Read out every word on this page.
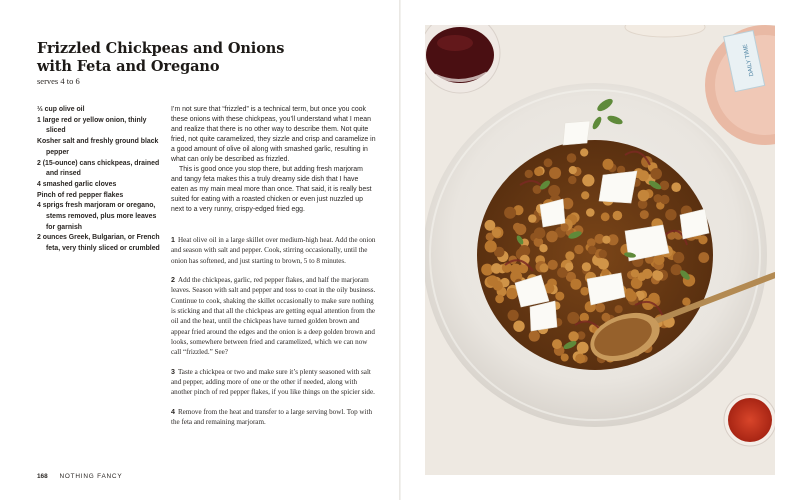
Frizzled Chickpeas and Onions
with Feta and Oregano
serves 4 to 6
⅓ cup olive oil
1 large red or yellow onion, thinly sliced
Kosher salt and freshly ground black pepper
2 (15-ounce) cans chickpeas, drained and rinsed
4 smashed garlic cloves
Pinch of red pepper flakes
4 sprigs fresh marjoram or oregano, stems removed, plus more leaves for garnish
2 ounces Greek, Bulgarian, or French feta, very thinly sliced or crumbled

I’m not sure that “frizzled” is a technical term, but once you cook these onions with these chickpeas, you’ll understand what I mean and realize that there is no other way to describe them. Not quite fried, not quite caramelized, they sizzle and crisp and caramelize in a good amount of olive oil along with smashed garlic, resulting in what can only be described as frizzled.

This is good once you stop there, but adding fresh marjoram and tangy feta makes this a truly dreamy side dish that I have eaten as my main meal more than once. That said, it is really best suited for eating with a roasted chicken or even just nuzzled up next to a very runny, crispy-edged fried egg.

1 Heat olive oil in a large skillet over medium-high heat. Add the onion and season with salt and pepper. Cook, stirring occasionally, until the onion has softened, and just starting to brown, 5 to 8 minutes.

2 Add the chickpeas, garlic, red pepper flakes, and half the marjoram leaves. Season with salt and pepper and toss to coat in the oily business. Continue to cook, shaking the skillet occasionally to make sure nothing is sticking and that all the chickpeas are getting equal attention from the oil and the heat, until the chickpeas have turned golden brown and appear fried around the edges and the onion is a deep golden brown and looks, somewhere between fried and caramelized, which we can now call “frizzled.” See?

3 Taste a chickpea or two and make sure it’s plenty seasoned with salt and pepper, adding more of one or the other if needed, along with another pinch of red pepper flakes, if you like things on the spicier side.

4 Remove from the heat and transfer to a large serving bowl. Top with the feta and remaining marjoram.

168 NOTHING FANCY
DAILY TIME
